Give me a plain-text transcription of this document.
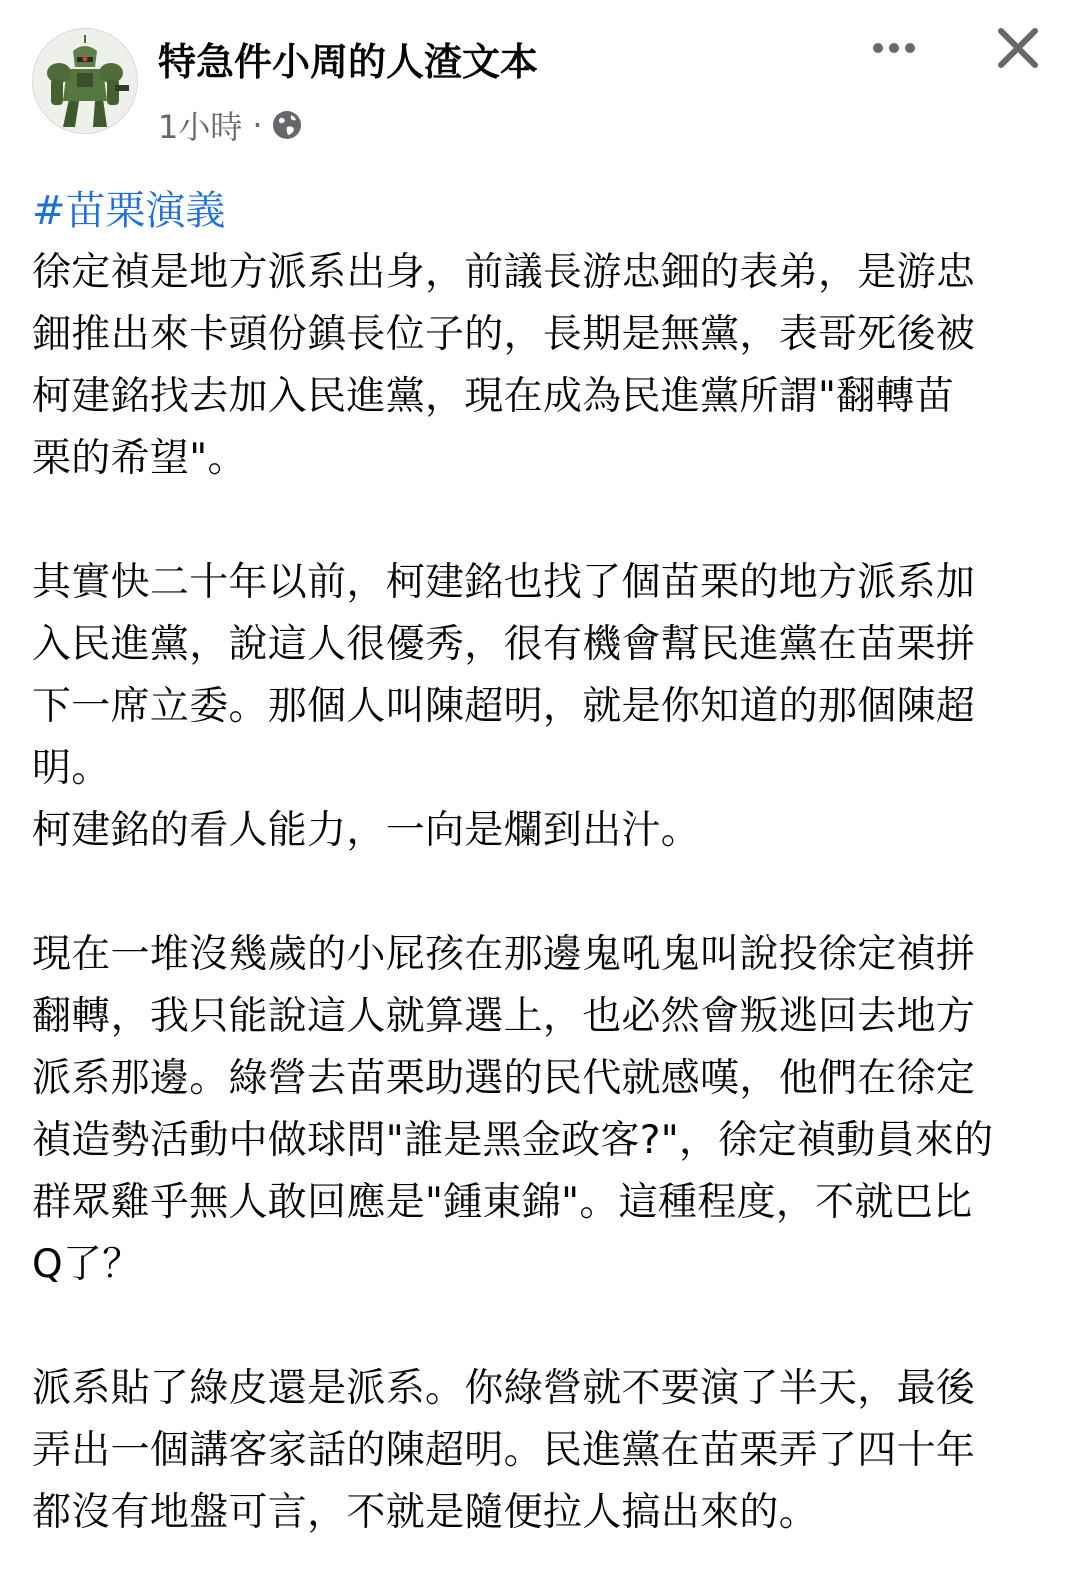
特急件小周的人渣文本
1小時 ·
#苗栗演義
徐定禎是地方派系出身，前議長游忠鈿的表弟，是游忠
鈿推出來卡頭份鎮長位子的，長期是無黨，表哥死後被
柯建銘找去加入民進黨，現在成為民進黨所謂"翻轉苗
栗的希望"。
其實快二十年以前，柯建銘也找了個苗栗的地方派系加
入民進黨，說這人很優秀，很有機會幫民進黨在苗栗拼
下一席立委。那個人叫陳超明，就是你知道的那個陳超
明。
柯建銘的看人能力，一向是爛到出汁。
現在一堆沒幾歲的小屁孩在那邊鬼吼鬼叫說投徐定禎拼
翻轉，我只能說這人就算選上，也必然會叛逃回去地方
派系那邊。綠營去苗栗助選的民代就感嘆，他們在徐定
禎造勢活動中做球問"誰是黑金政客?"，徐定禎動員來的
群眾雞乎無人敢回應是"鍾東錦"。這種程度，不就巴比
Q了？
派系貼了綠皮還是派系。你綠營就不要演了半天，最後
弄出一個講客家話的陳超明。民進黨在苗栗弄了四十年
都沒有地盤可言，不就是隨便拉人搞出來的。
